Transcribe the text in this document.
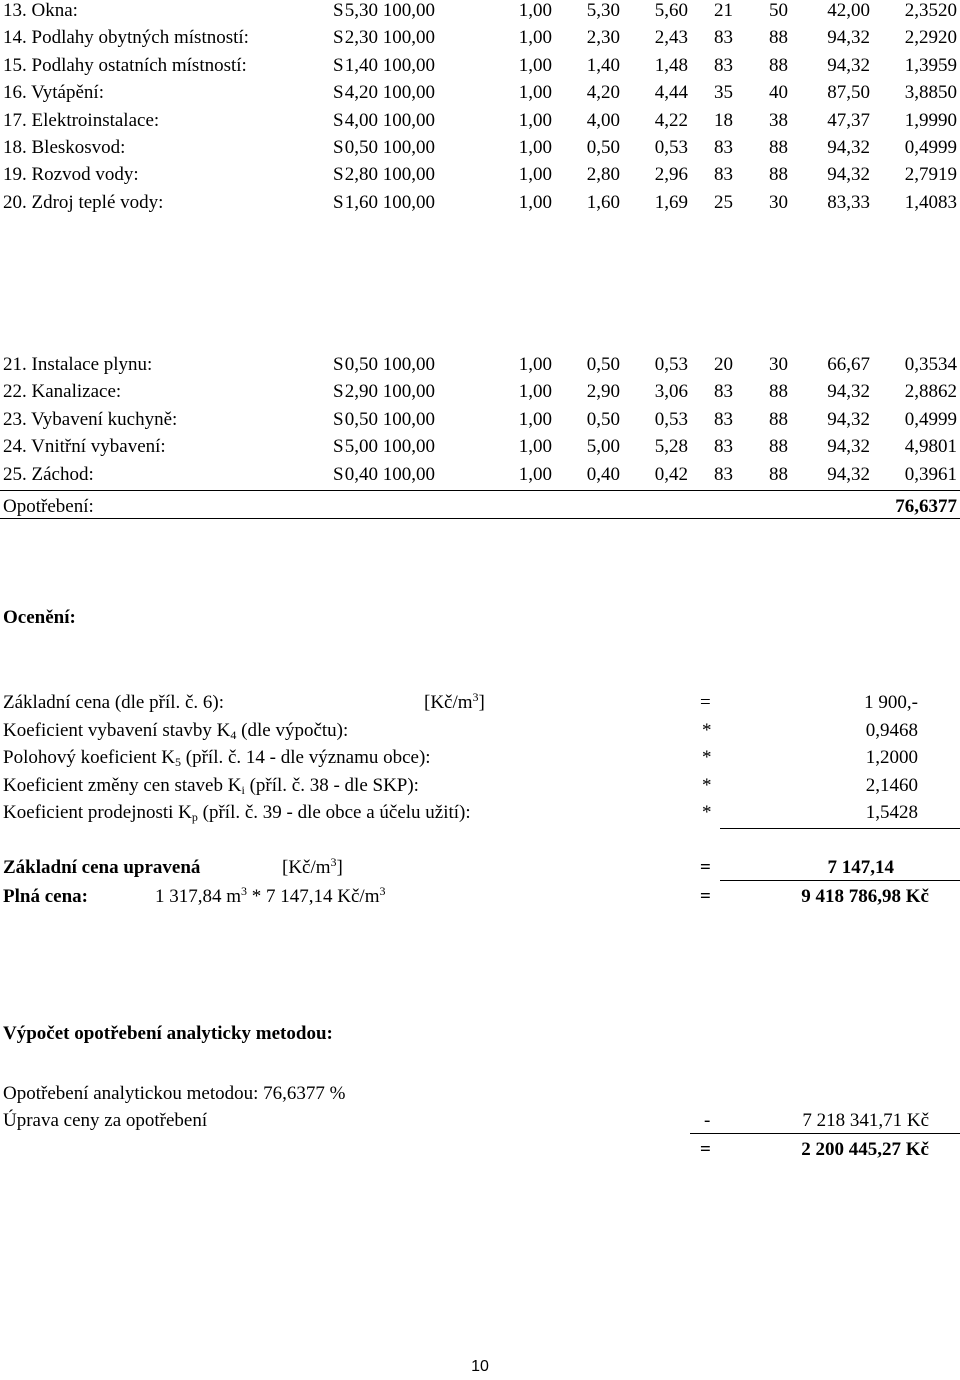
13. Okna:	S 5,30 100,00	1,00 5,30 5,60 21 50 42,00 2,3520
14. Podlahy obytných místností:	S 2,30 100,00	1,00 2,30 2,43 83 88 94,32 2,2920
15. Podlahy ostatních místností:	S 1,40 100,00	1,00 1,40 1,48 83 88 94,32 1,3959
16. Vytápění:	S 4,20 100,00	1,00 4,20 4,44 35 40 87,50 3,8850
17. Elektroinstalace:	S 4,00 100,00	1,00 4,00 4,22 18 38 47,37 1,9990
18. Bleskosvod:	S 0,50 100,00	1,00 0,50 0,53 83 88 94,32 0,4999
19. Rozvod vody:	S 2,80 100,00	1,00 2,80 2,96 83 88 94,32 2,7919
20. Zdroj teplé vody:	S 1,60 100,00	1,00 1,60 1,69 25 30 83,33 1,4083
21. Instalace plynu:	S 0,50 100,00	1,00 0,50 0,53 20 30 66,67 0,3534
22. Kanalizace:	S 2,90 100,00	1,00 2,90 3,06 83 88 94,32 2,8862
23. Vybavení kuchyně:	S 0,50 100,00	1,00 0,50 0,53 83 88 94,32 0,4999
24. Vnitřní vybavení:	S 5,00 100,00	1,00 5,00 5,28 83 88 94,32 4,9801
25. Záchod:	S 0,40 100,00	1,00 0,40 0,42 83 88 94,32 0,3961
Opotřebení:	76,6377
Ocenění:
Základní cena (dle příl. č. 6):	$[Kč/m^3]$	=	1 900,-
Koeficient vybavení stavby $K_4$ (dle výpočtu):	*	0,9468
Polohový koeficient $K_5$ (příl. č. 14 - dle významu obce):	*	1,2000
Koeficient změny cen staveb $K_i$ (příl. č. 38 - dle SKP):	*	2,1460
Koeficient prodejnosti $K_p$ (příl. č. 39 - dle obce a účelu užití):	*	1,5428
Základní cena upravená	$[Kč/m^3]$	=	7 147,14
Plná cena:	1 317,84 $m^3 * 7$ 147,14 $Kč/m^3$	=	9 418 786,98 Kč
Výpočet opotřebení analyticky metodou:
Opotřebení analytickou metodou: 76,6377 %
Úprava ceny za opotřebení	-	7 218 341,71 Kč
=	2 200 445,27 Kč
10
